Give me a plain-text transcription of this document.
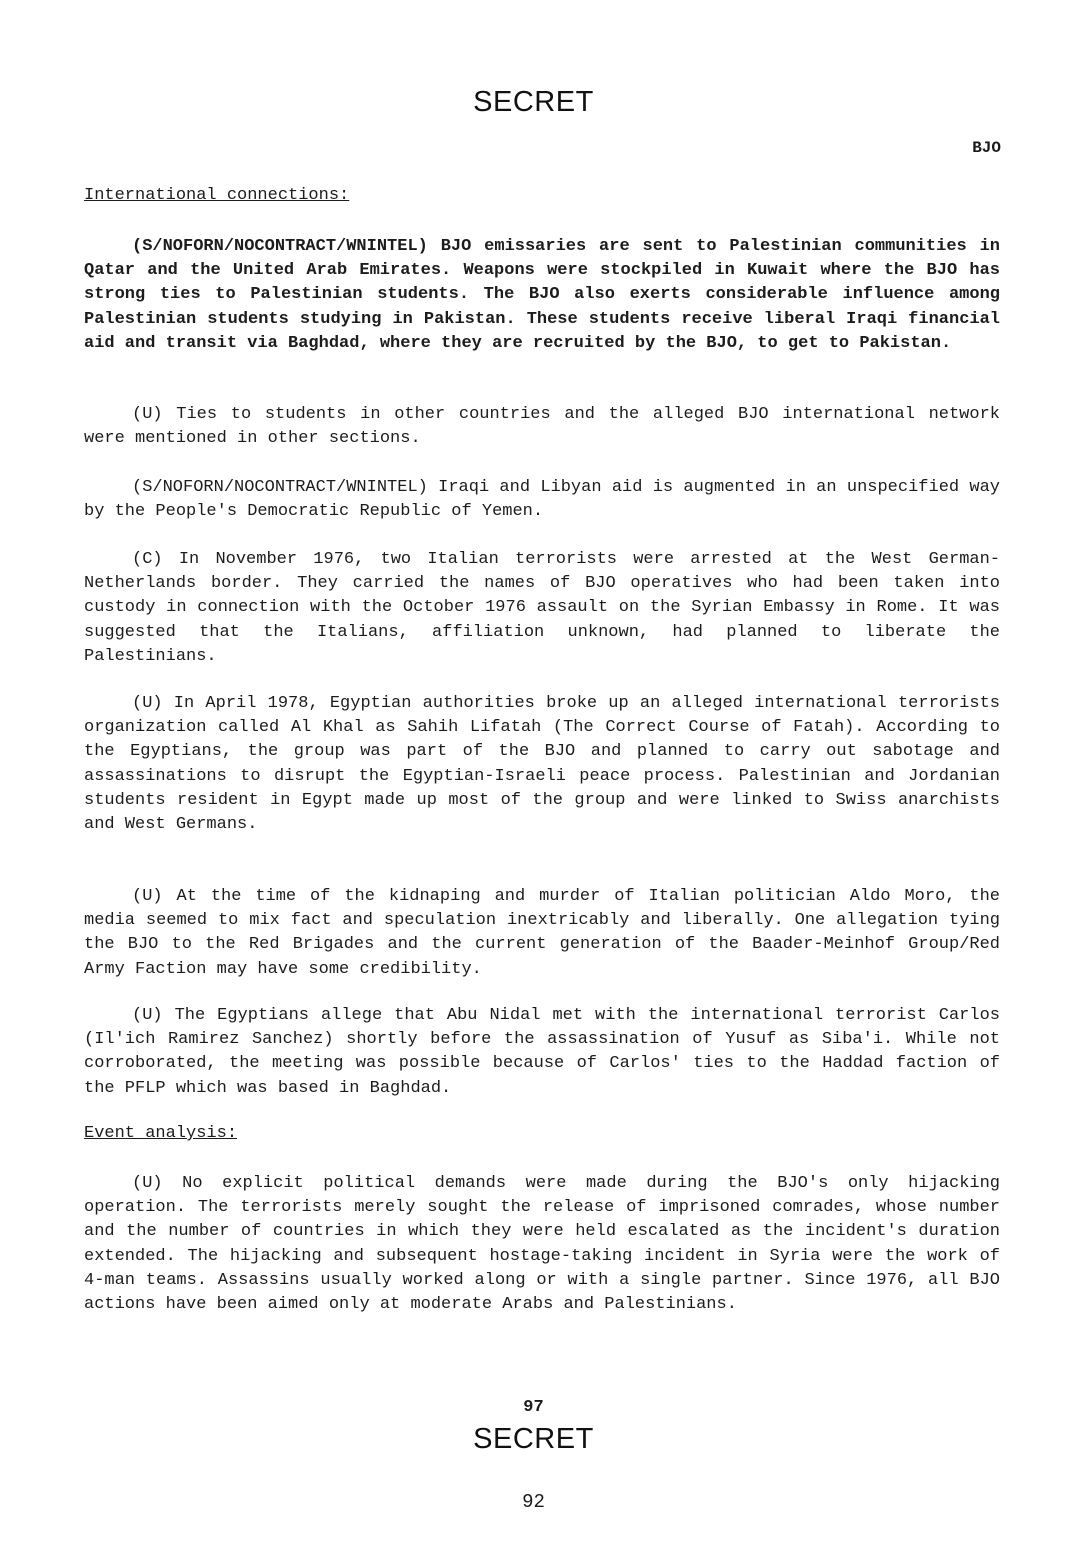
SECRET
BJO
International connections:

(S/NOFORN/NOCONTRACT/WNINTEL) BJO emissaries are sent to Palestinian communities in Qatar and the United Arab Emirates. Weapons were stockpiled in Kuwait where the BJO has strong ties to Palestinian students. The BJO also exerts considerable influence among Palestinian students studying in Pakistan. These students receive liberal Iraqi financial aid and transit via Baghdad, where they are recruited by the BJO, to get to Pakistan.

(U) Ties to students in other countries and the alleged BJO international network were mentioned in other sections.

(S/NOFORN/NOCONTRACT/WNINTEL) Iraqi and Libyan aid is augmented in an unspecified way by the People's Democratic Republic of Yemen.

(C) In November 1976, two Italian terrorists were arrested at the West German-Netherlands border. They carried the names of BJO operatives who had been taken into custody in connection with the October 1976 assault on the Syrian Embassy in Rome. It was suggested that the Italians, affiliation unknown, had planned to liberate the Palestinians.

(U) In April 1978, Egyptian authorities broke up an alleged international terrorists organization called Al Khal as Sahih Lifatah (The Correct Course of Fatah). According to the Egyptians, the group was part of the BJO and planned to carry out sabotage and assassinations to disrupt the Egyptian-Israeli peace process. Palestinian and Jordanian students resident in Egypt made up most of the group and were linked to Swiss anarchists and West Germans.

(U) At the time of the kidnaping and murder of Italian politician Aldo Moro, the media seemed to mix fact and speculation inextricably and liberally. One allegation tying the BJO to the Red Brigades and the current generation of the Baader-Meinhof Group/Red Army Faction may have some credibility.

(U) The Egyptians allege that Abu Nidal met with the international terrorist Carlos (Il'ich Ramirez Sanchez) shortly before the assassination of Yusuf as Siba'i. While not corroborated, the meeting was possible because of Carlos' ties to the Haddad faction of the PFLP which was based in Baghdad.

Event analysis:

(U) No explicit political demands were made during the BJO's only hijacking operation. The terrorists merely sought the release of imprisoned comrades, whose number and the number of countries in which they were held escalated as the incident's duration extended. The hijacking and subsequent hostage-taking incident in Syria were the work of 4-man teams. Assassins usually worked along or with a single partner. Since 1976, all BJO actions have been aimed only at moderate Arabs and Palestinians.

97
SECRET
92
